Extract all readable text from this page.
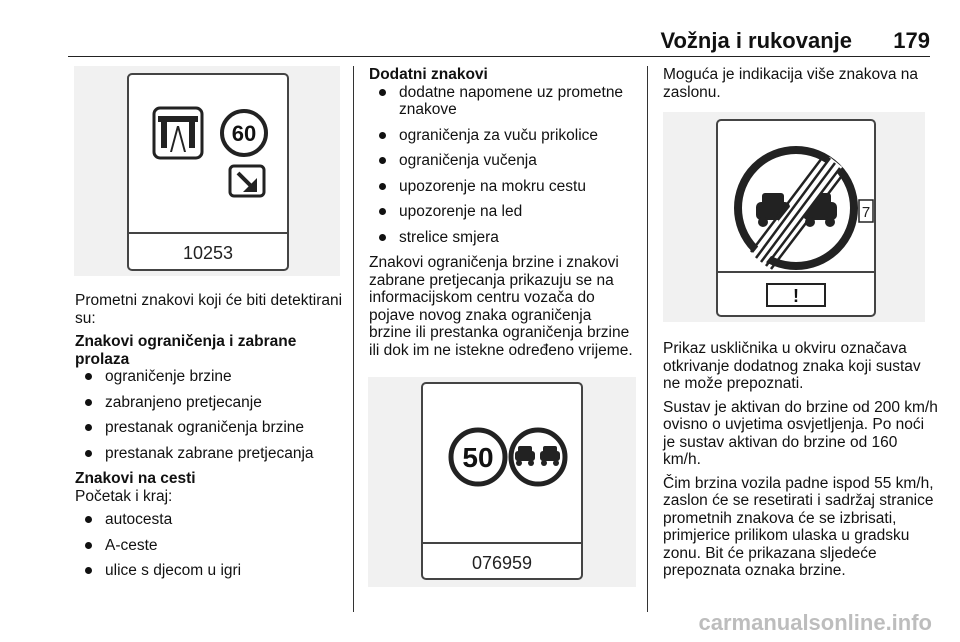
Vožnja i rukovanje 179
60
10253

Prometni znakovi koji će biti detektirani su:

Znakovi ograničenja i zabrane prolaza

ograničenje brzine
zabranjeno pretjecanje
prestanak ograničenja brzine
prestanak zabrane pretjecanja

Znakovi na cesti

Početak i kraj:

autocesta
A-ceste
ulice s djecom u igri

Dodatni znakovi

dodatne napomene uz prometne znakove
ograničenja za vuču prikolice
ograničenja vučenja
upozorenje na mokru cestu
upozorenje na led
strelice smjera

Znakovi ograničenja brzine i znakovi zabrane pretjecanja prikazuju se na informacijskom centru vozača do pojave novog znaka ograničenja brzine ili prestanka ograničenja brzine ili dok im ne istekne određeno vrijeme.

50
076959

Moguća je indikacija više znakova na zaslonu.

7
!

Prikaz uskličnika u okviru označava otkrivanje dodatnog znaka koji sustav ne može prepoznati.

Sustav je aktivan do brzine od 200 km/h ovisno o uvjetima osvjetljenja. Po noći je sustav aktivan do brzine od 160 km/h.

Čim brzina vozila padne ispod 55 km/h, zaslon će se resetirati i sadržaj stranice prometnih znakova će se izbrisati, primjerice prilikom ulaska u gradsku zonu. Bit će prikazana sljedeće prepoznata oznaka brzine.

carmanualsonline.info
